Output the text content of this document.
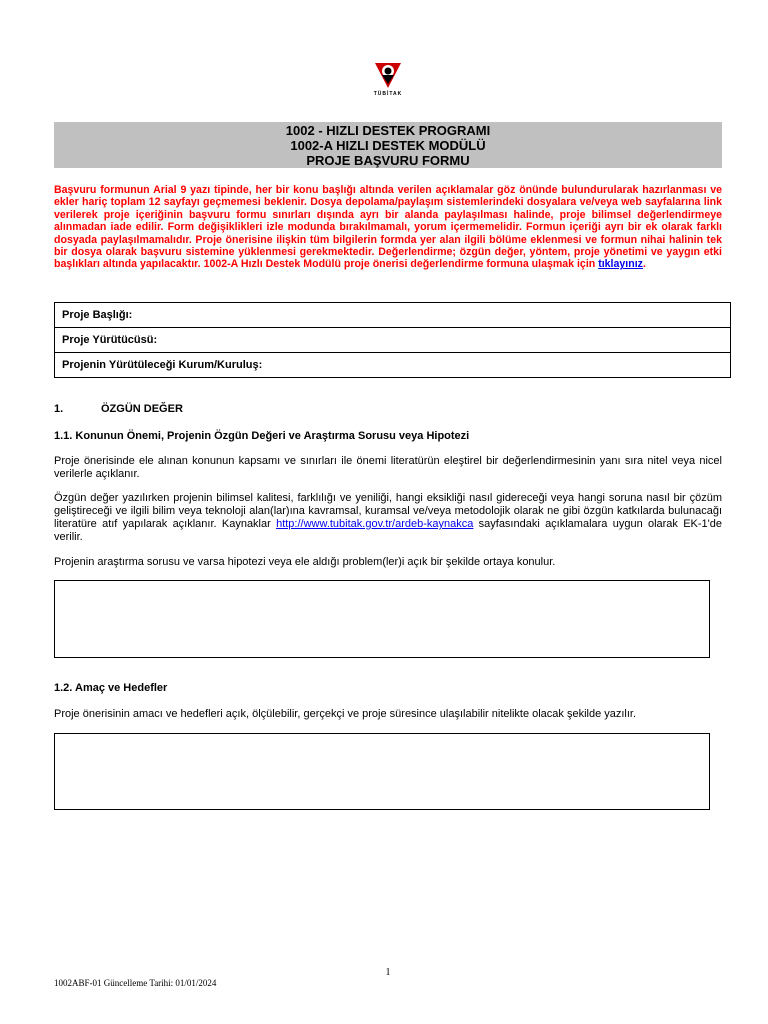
TÜBİTAK
1002 - HIZLI DESTEK PROGRAMI
1002-A HIZLI DESTEK MODÜLÜ
PROJE BAŞVURU FORMU
Başvuru formunun Arial 9 yazı tipinde, her bir konu başlığı altında verilen açıklamalar göz önünde bulundurularak hazırlanması ve ekler hariç toplam 12 sayfayı geçmemesi beklenir. Dosya depolama/paylaşım sistemlerindeki dosyalara ve/veya web sayfalarına link verilerek proje içeriğinin başvuru formu sınırları dışında ayrı bir alanda paylaşılması halinde, proje bilimsel değerlendirmeye alınmadan iade edilir. Form değişiklikleri izle modunda bırakılmamalı, yorum içermemelidir. Formun içeriği ayrı bir ek olarak farklı dosyada paylaşılmamalıdır. Proje önerisine ilişkin tüm bilgilerin formda yer alan ilgili bölüme eklenmesi ve formun nihai halinin tek bir dosya olarak başvuru sistemine yüklenmesi gerekmektedir. Değerlendirme; özgün değer, yöntem, proje yönetimi ve yaygın etki başlıkları altında yapılacaktır. 1002-A Hızlı Destek Modülü proje önerisi değerlendirme formuna ulaşmak için tıklayınız.
Proje Başlığı:
Proje Yürütücüsü:
Projenin Yürütüleceği Kurum/Kuruluş:
1.	ÖZGÜN DEĞER
1.1. Konunun Önemi, Projenin Özgün Değeri ve Araştırma Sorusu veya Hipotezi
Proje önerisinde ele alınan konunun kapsamı ve sınırları ile önemi literatürün eleştirel bir değerlendirmesinin yanı sıra nitel veya nicel verilerle açıklanır.
Özgün değer yazılırken projenin bilimsel kalitesi, farklılığı ve yeniliği, hangi eksikliği nasıl gidereceği veya hangi soruna nasıl bir çözüm geliştireceği ve ilgili bilim veya teknoloji alan(lar)ına kavramsal, kuramsal ve/veya metodolojik olarak ne gibi özgün katkılarda bulunacağı literatüre atıf yapılarak açıklanır. Kaynaklar http://www.tubitak.gov.tr/ardeb-kaynakca sayfasındaki açıklamalara uygun olarak EK-1'de verilir.
Projenin araştırma sorusu ve varsa hipotezi veya ele aldığı problem(ler)i açık bir şekilde ortaya konulur.
1.2. Amaç ve Hedefler
Proje önerisinin amacı ve hedefleri açık, ölçülebilir, gerçekçi ve proje süresince ulaşılabilir nitelikte olacak şekilde yazılır.
1
1002ABF-01 Güncelleme Tarihi: 01/01/2024
